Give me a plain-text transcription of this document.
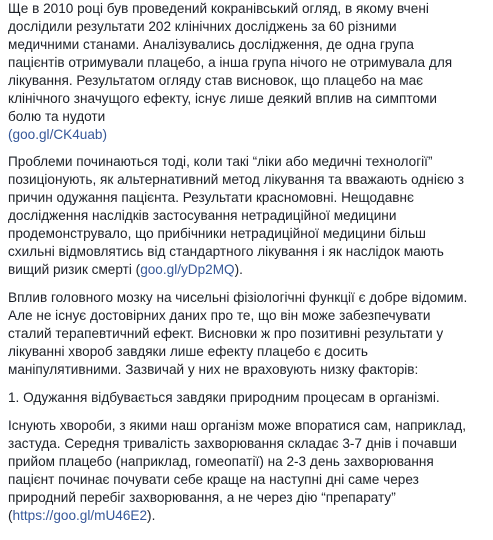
Ще в 2010 році був проведений кокранівський огляд, в якому вчені
дослідили результати 202 клінічних досліджень за 60 різними
медичними станами. Аналізувались дослідження, де одна група
пацієнтів отримували плацебо, а інша група нічого не отримувала для
лікування. Результатом огляду став висновок, що плацебо на має
клінічного значущого ефекту, існує лише деякий вплив на симптоми
болю та нудоти
(goo.gl/CK4uab)
Проблеми починаються тоді, коли такі “ліки або медичні технології”
позиціонують, як альтернативний метод лікування та вважають однією з
причин одужання пацієнта. Результати красномовні. Нещодавнє
дослідження наслідків застосування нетрадиційної медицини
продемонструвало, що прибічники нетрадиційної медицини більш
схильні відмовлятись від стандартного лікування і як наслідок мають
вищий ризик смерті (goo.gl/yDp2MQ).
Вплив головного мозку на чисельні фізіологічні функції є добре відомим.
Але не існує достовірних даних про те, що він може забезпечувати
сталий терапевтичний ефект. Висновки ж про позитивні результати у
лікуванні хвороб завдяки лише ефекту плацебо є досить
маніпулятивними. Зазвичай у них не враховують низку факторів:
1. Одужання відбувається завдяки природним процесам в організмі.
Існують хвороби, з якими наш організм може впоратися сам, наприклад,
застуда. Середня тривалість захворювання складає 3-7 днів і почавши
прийом плацебо (наприклад, гомеопатії) на 2-3 день захворювання
пацієнт починає почувати себе краще на наступні дні саме через
природний перебіг захворювання, а не через дію “препарату”
(https://goo.gl/mU46E2).
